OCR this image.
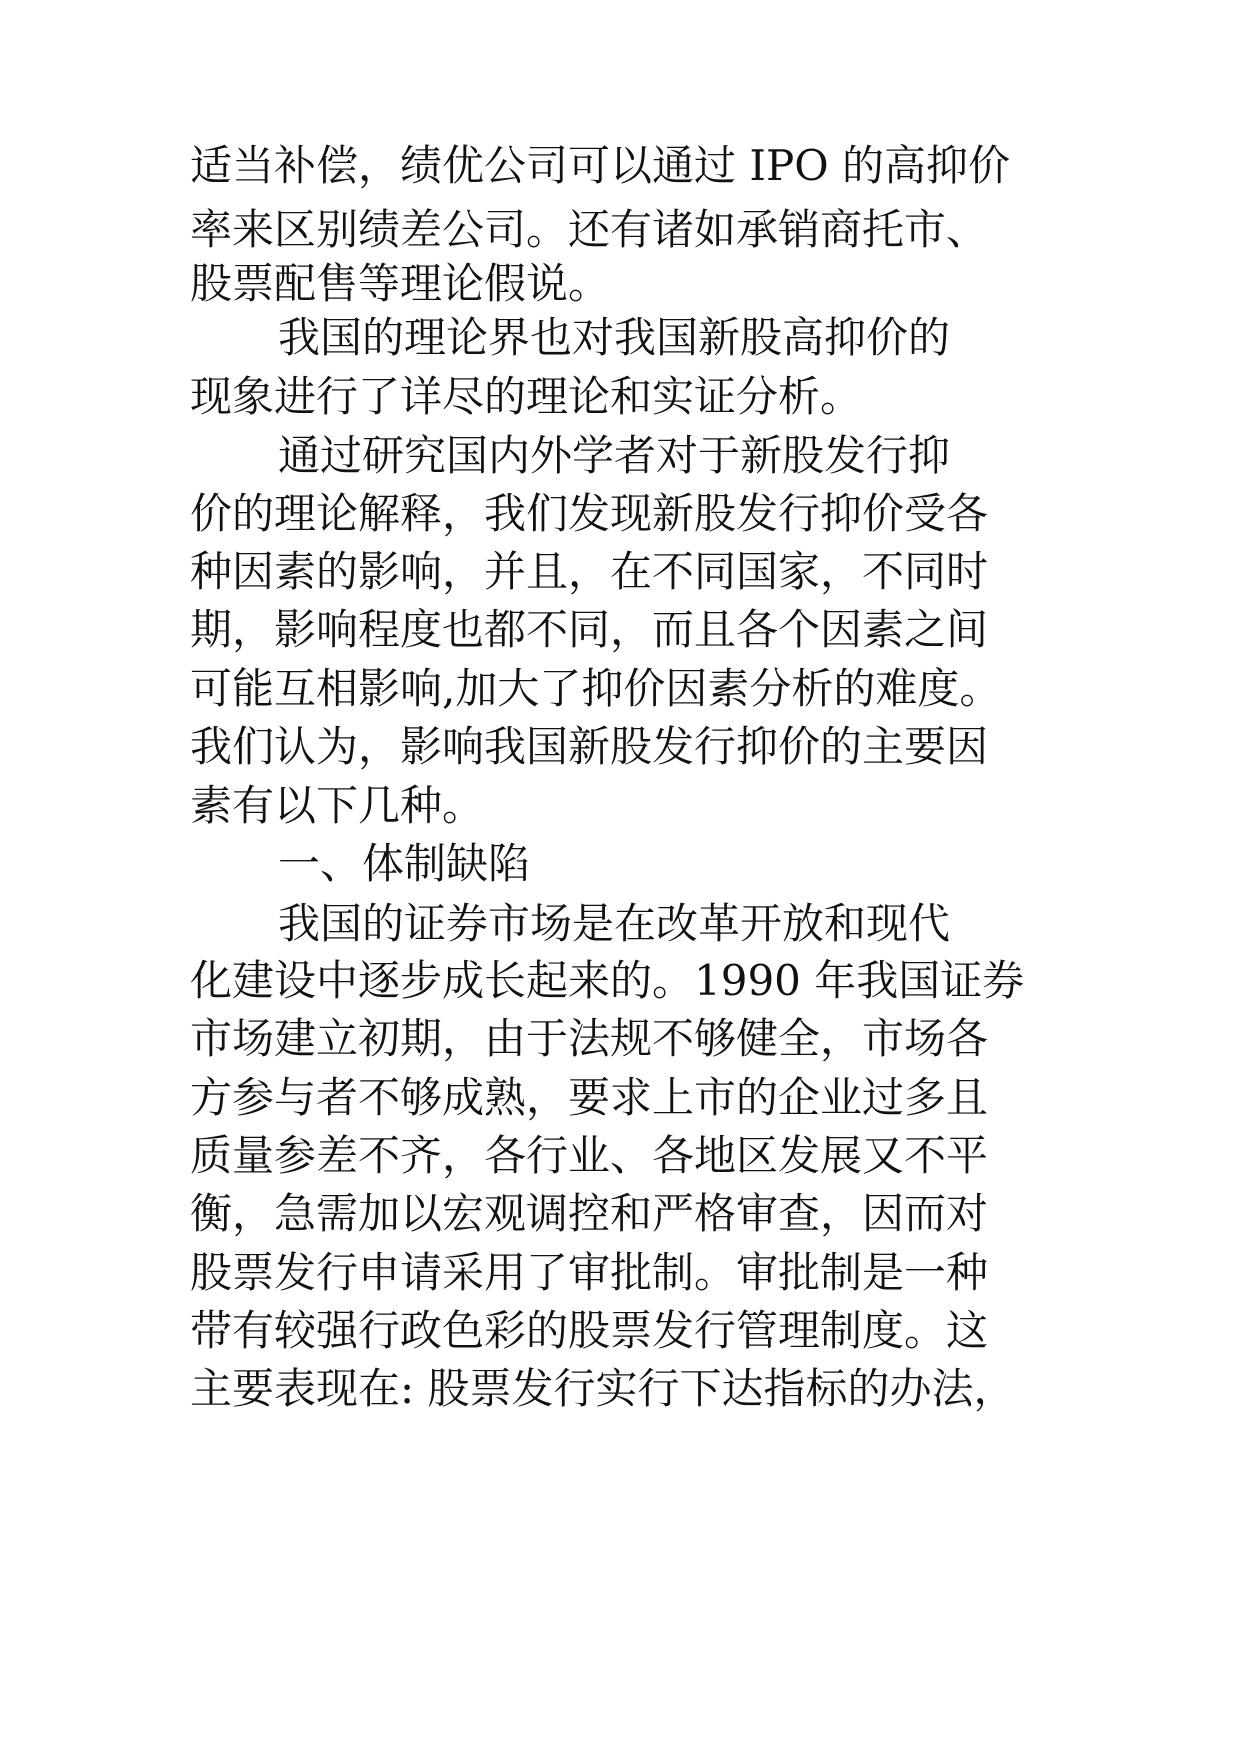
适当补偿，绩优公司可以通过 IPO 的高抑价
率来区别绩差公司。还有诸如承销商托市、
股票配售等理论假说。
我国的理论界也对我国新股高抑价的
现象进行了详尽的理论和实证分析。
通过研究国内外学者对于新股发行抑
价的理论解释，我们发现新股发行抑价受各
种因素的影响，并且，在不同国家，不同时
期，影响程度也都不同，而且各个因素之间
可能互相影响,加大了抑价因素分析的难度。
我们认为，影响我国新股发行抑价的主要因
素有以下几种。
一、体制缺陷
我国的证券市场是在改革开放和现代
化建设中逐步成长起来的。1990 年我国证券
市场建立初期，由于法规不够健全，市场各
方参与者不够成熟，要求上市的企业过多且
质量参差不齐，各行业、各地区发展又不平
衡，急需加以宏观调控和严格审查，因而对
股票发行申请采用了审批制。审批制是一种
带有较强行政色彩的股票发行管理制度。这
主要表现在: 股票发行实行下达指标的办法，
